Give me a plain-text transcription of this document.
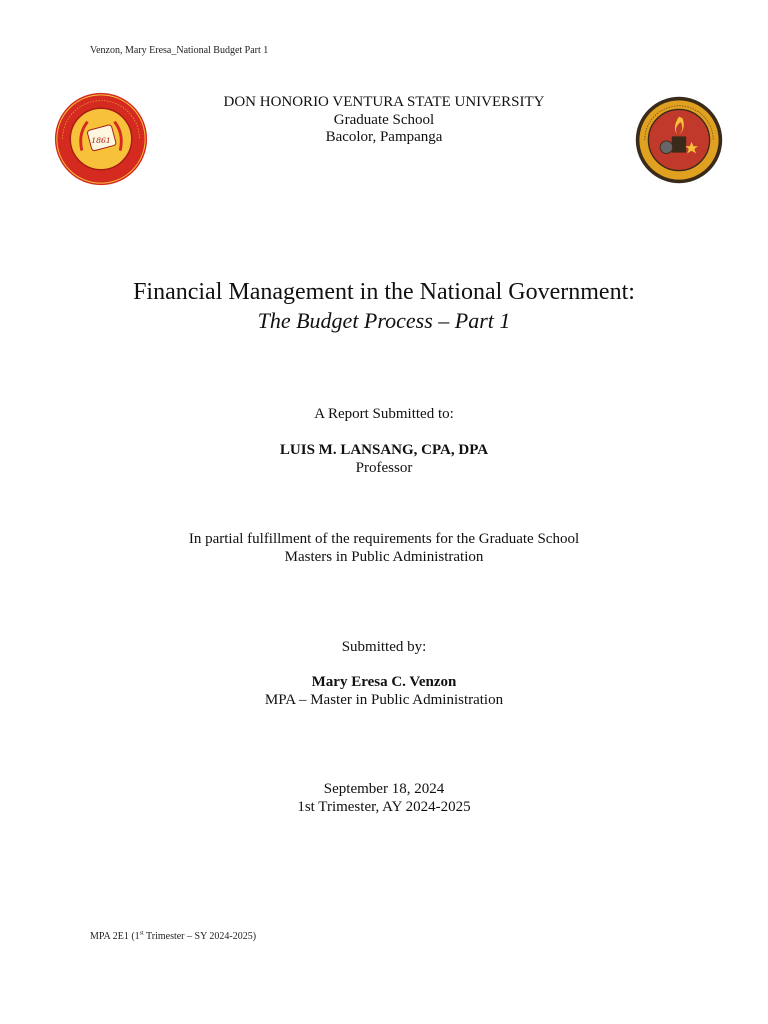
Venzon, Mary Eresa_National Budget Part 1
1861
DON HONORIO VENTURA STATE UNIVERSITY
Graduate School
Bacolor, Pampanga
Financial Management in the National Government:
The Budget Process – Part 1
A Report Submitted to:
LUIS M. LANSANG, CPA, DPA
Professor
In partial fulfillment of the requirements for the Graduate School
Masters in Public Administration
Submitted by:
Mary Eresa C. Venzon
MPA – Master in Public Administration
September 18, 2024
1st Trimester, AY 2024-2025
MPA 2E1 (1st Trimester – SY 2024-2025)
